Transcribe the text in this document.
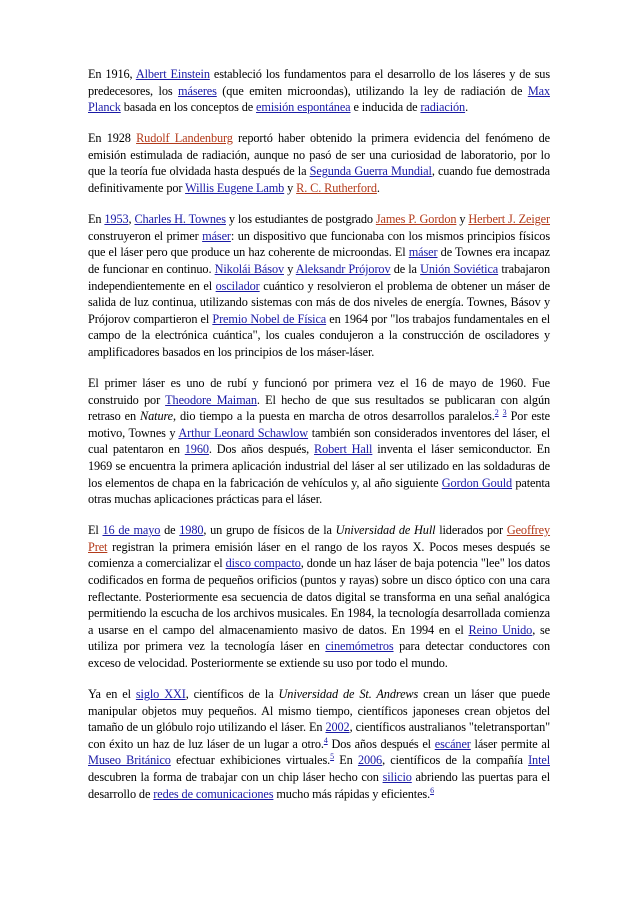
En 1916, Albert Einstein estableció los fundamentos para el desarrollo de los láseres y de sus predecesores, los máseres (que emiten microondas), utilizando la ley de radiación de Max Planck basada en los conceptos de emisión espontánea e inducida de radiación.

En 1928 Rudolf Landenburg reportó haber obtenido la primera evidencia del fenómeno de emisión estimulada de radiación, aunque no pasó de ser una curiosidad de laboratorio, por lo que la teoría fue olvidada hasta después de la Segunda Guerra Mundial, cuando fue demostrada definitivamente por Willis Eugene Lamb y R. C. Rutherford.

En 1953, Charles H. Townes y los estudiantes de postgrado James P. Gordon y Herbert J. Zeiger construyeron el primer máser: un dispositivo que funcionaba con los mismos principios físicos que el láser pero que produce un haz coherente de microondas. El máser de Townes era incapaz de funcionar en continuo. Nikolái Básov y Aleksandr Prójorov de la Unión Soviética trabajaron independientemente en el oscilador cuántico y resolvieron el problema de obtener un máser de salida de luz continua, utilizando sistemas con más de dos niveles de energía. Townes, Básov y Prójorov compartieron el Premio Nobel de Física en 1964 por "los trabajos fundamentales en el campo de la electrónica cuántica", los cuales condujeron a la construcción de osciladores y amplificadores basados en los principios de los máser-láser.

El primer láser es uno de rubí y funcionó por primera vez el 16 de mayo de 1960. Fue construido por Theodore Maiman. El hecho de que sus resultados se publicaran con algún retraso en Nature, dio tiempo a la puesta en marcha de otros desarrollos paralelos.$^2$ $^3$ Por este motivo, Townes y Arthur Leonard Schawlow también son considerados inventores del láser, el cual patentaron en 1960. Dos años después, Robert Hall inventa el láser semiconductor. En 1969 se encuentra la primera aplicación industrial del láser al ser utilizado en las soldaduras de los elementos de chapa en la fabricación de vehículos y, al año siguiente Gordon Gould patenta otras muchas aplicaciones prácticas para el láser.

El 16 de mayo de 1980, un grupo de físicos de la Universidad de Hull liderados por Geoffrey Pret registran la primera emisión láser en el rango de los rayos X. Pocos meses después se comienza a comercializar el disco compacto, donde un haz láser de baja potencia "lee" los datos codificados en forma de pequeños orificios (puntos y rayas) sobre un disco óptico con una cara reflectante. Posteriormente esa secuencia de datos digital se transforma en una señal analógica permitiendo la escucha de los archivos musicales. En 1984, la tecnología desarrollada comienza a usarse en el campo del almacenamiento masivo de datos. En 1994 en el Reino Unido, se utiliza por primera vez la tecnología láser en cinemómetros para detectar conductores con exceso de velocidad. Posteriormente se extiende su uso por todo el mundo.

Ya en el siglo XXI, científicos de la Universidad de St. Andrews crean un láser que puede manipular objetos muy pequeños. Al mismo tiempo, científicos japoneses crean objetos del tamaño de un glóbulo rojo utilizando el láser. En 2002, científicos australianos "teletransportan" con éxito un haz de luz láser de un lugar a otro.$^4$ Dos años después el escáner láser permite al Museo Británico efectuar exhibiciones virtuales.$^5$ En 2006, científicos de la compañía Intel descubren la forma de trabajar con un chip láser hecho con silicio abriendo las puertas para el desarrollo de redes de comunicaciones mucho más rápidas y eficientes.$^6$
